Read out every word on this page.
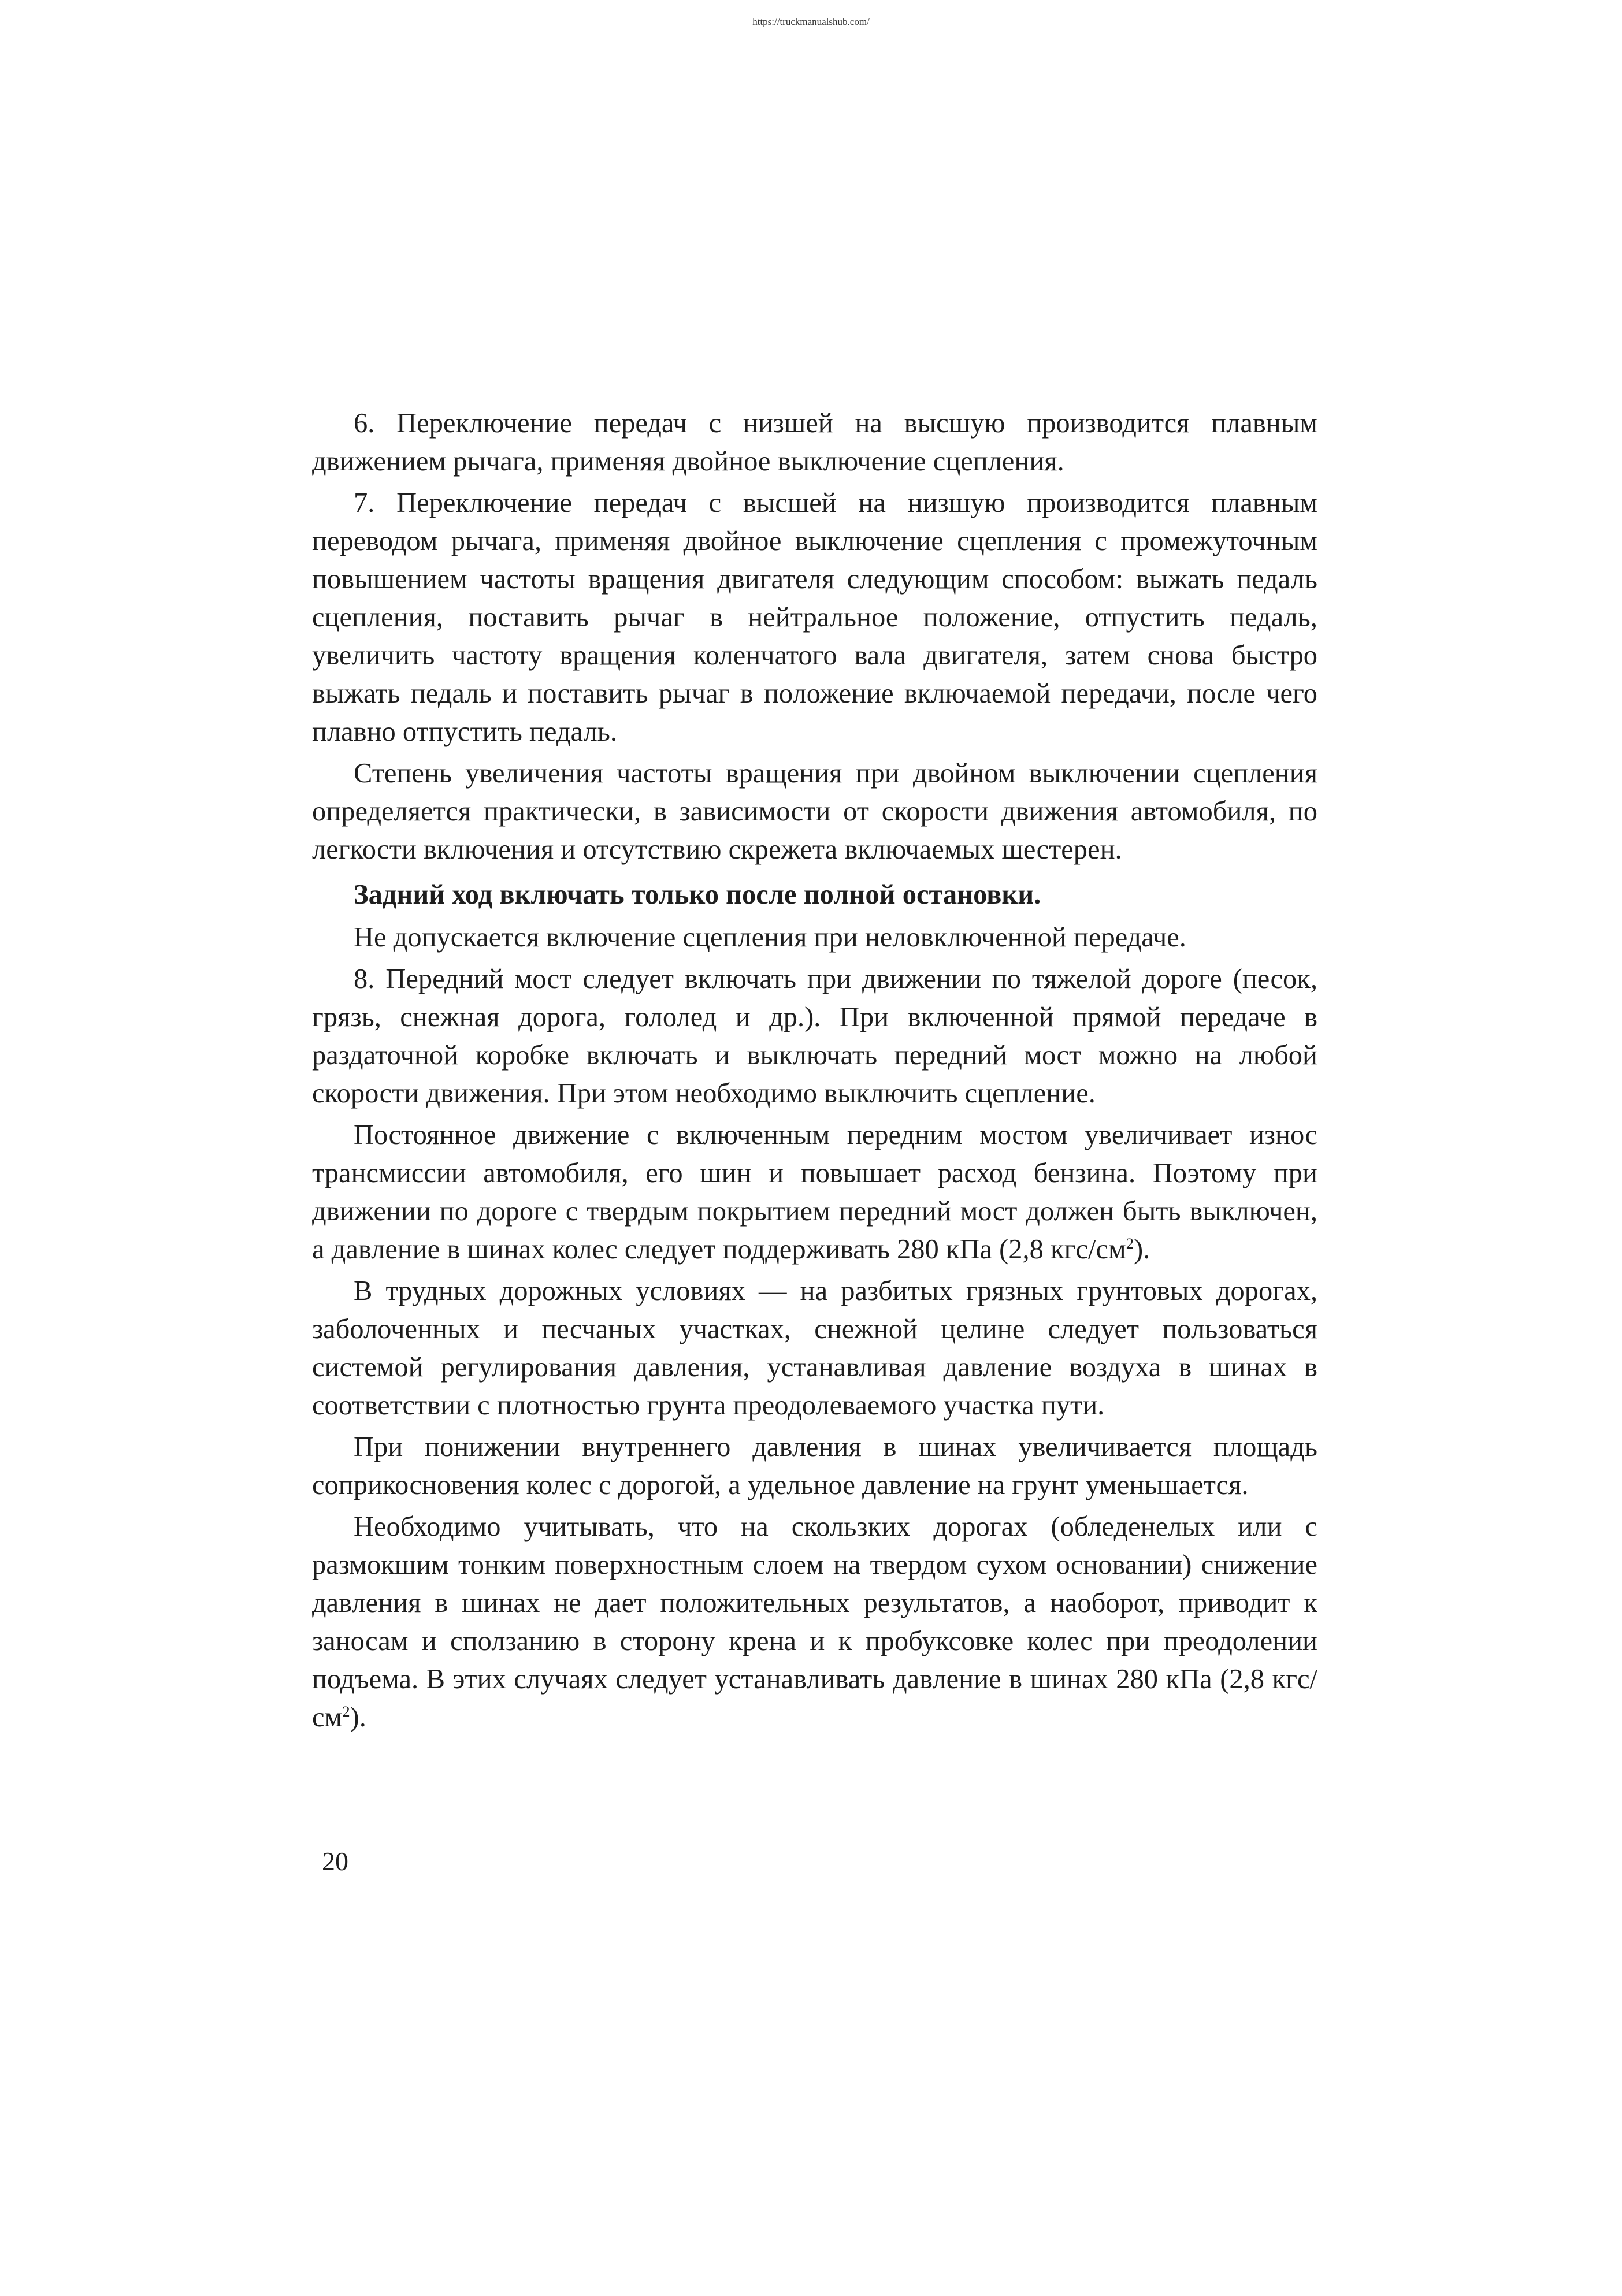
https://truckmanualshub.com/

6. Переключение передач с низшей на высшую производится плавным движением рычага, применяя двойное выключение сцепления.

7. Переключение передач с высшей на низшую производится плавным переводом рычага, применяя двойное выключение сцепления с промежуточным повышением частоты вращения двигателя следующим способом: выжать педаль сцепления, поставить рычаг в нейтральное положение, отпустить педаль, увеличить частоту вращения коленчатого вала двигателя, затем снова быстро выжать педаль и поставить рычаг в положение включаемой передачи, после чего плавно отпустить педаль.

Степень увеличения частоты вращения при двойном выключении сцепления определяется практически, в зависимости от скорости движения автомобиля, по легкости включения и отсутствию скрежета включаемых шестерен.

Задний ход включать только после полной остановки.

Не допускается включение сцепления при неловключенной передаче.

8. Передний мост следует включать при движении по тяжелой дороге (песок, грязь, снежная дорога, гололед и др.). При включенной прямой передаче в раздаточной коробке включать и выключать передний мост можно на любой скорости движения. При этом необходимо выключить сцепление.

Постоянное движение с включенным передним мостом увеличивает износ трансмиссии автомобиля, его шин и повышает расход бензина. Поэтому при движении по дороге с твердым покрытием передний мост должен быть выключен, а давление в шинах колес следует поддерживать 280 кПа (2,8 кгс/$см^2$).

В трудных дорожных условиях — на разбитых грязных грунтовых дорогах, заболоченных и песчаных участках, снежной целине следует пользоваться системой регулирования давления, устанавливая давление воздуха в шинах в соответствии с плотностью грунта преодолеваемого участка пути.

При понижении внутреннего давления в шинах увеличивается площадь соприкосновения колес с дорогой, а удельное давление на грунт уменьшается.

Необходимо учитывать, что на скользких дорогах (обледенелых или с размокшим тонким поверхностным слоем на твердом сухом основании) снижение давления в шинах не дает положительных результатов, а наоборот, приводит к заносам и сползанию в сторону крена и к пробуксовке колес при преодолении подъема. В этих случаях следует устанавливать давление в шинах 280 кПа (2,8 кгс/$см^2$).

20
